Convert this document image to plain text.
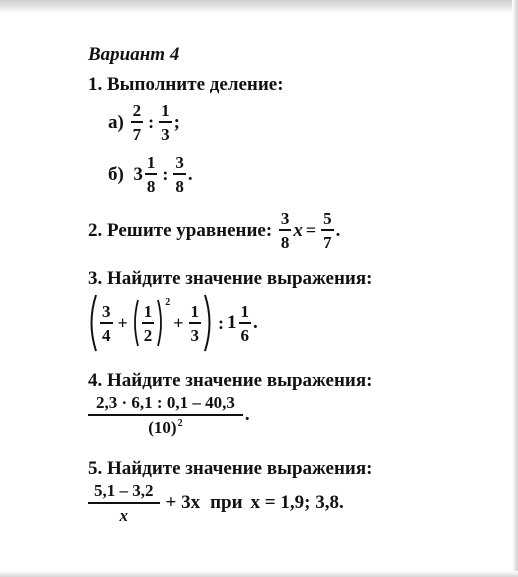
Вариант 4
1.
Выполните деление:
а)
$\frac{2}{7}$ : $\frac{1}{3}$ ;
б)
$3 \frac{1}{8}$ : $\frac{3}{8}$ .
2.
Решите уравнение:
$\frac{3}{8}$ $x = \frac{5}{7}$ .
3.
Найдите значение выражения:
$\frac{3}{4} + \frac{1}{2} 2$
+ $\frac{1}{3}$ : $1 \frac{1}{6}$ .
4.
Найдите значение выражения:
$\frac{2,3 \cdot 6,1 : 0,1 - 40,3}{(10)^2}$ .
5.
Найдите значение выражения:
$\frac{5,1 - 3,2}{x} + 3x$ при x = 1,9; 3,8.
